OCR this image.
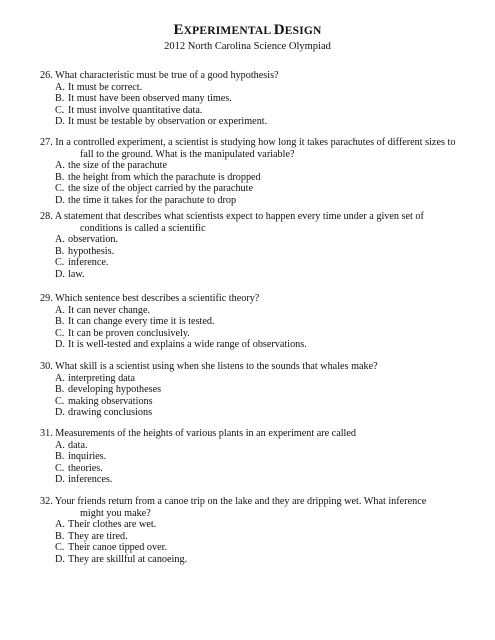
EXPERIMENTAL DESIGN
2012 North Carolina Science Olympiad
26. What characteristic must be true of a good hypothesis?
A. It must be correct.
B. It must have been observed many times.
C. It must involve quantitative data.
D. It must be testable by observation or experiment.
27. In a controlled experiment, a scientist is studying how long it takes parachutes of different sizes to
fall to the ground. What is the manipulated variable?
A. the size of the parachute
B. the height from which the parachute is dropped
C. the size of the object carried by the parachute
D. the time it takes for the parachute to drop
28. A statement that describes what scientists expect to happen every time under a given set of
conditions is called a scientific
A. observation.
B. hypothesis.
C. inference.
D. law.
29. Which sentence best describes a scientific theory?
A. It can never change.
B. It can change every time it is tested.
C. It can be proven conclusively.
D. It is well-tested and explains a wide range of observations.
30. What skill is a scientist using when she listens to the sounds that whales make?
A. interpreting data
B. developing hypotheses
C. making observations
D. drawing conclusions
31. Measurements of the heights of various plants in an experiment are called
A. data.
B. inquiries.
C. theories.
D. inferences.
32. Your friends return from a canoe trip on the lake and they are dripping wet. What inference
might you make?
A. Their clothes are wet.
B. They are tired.
C. Their canoe tipped over.
D. They are skillful at canoeing.
